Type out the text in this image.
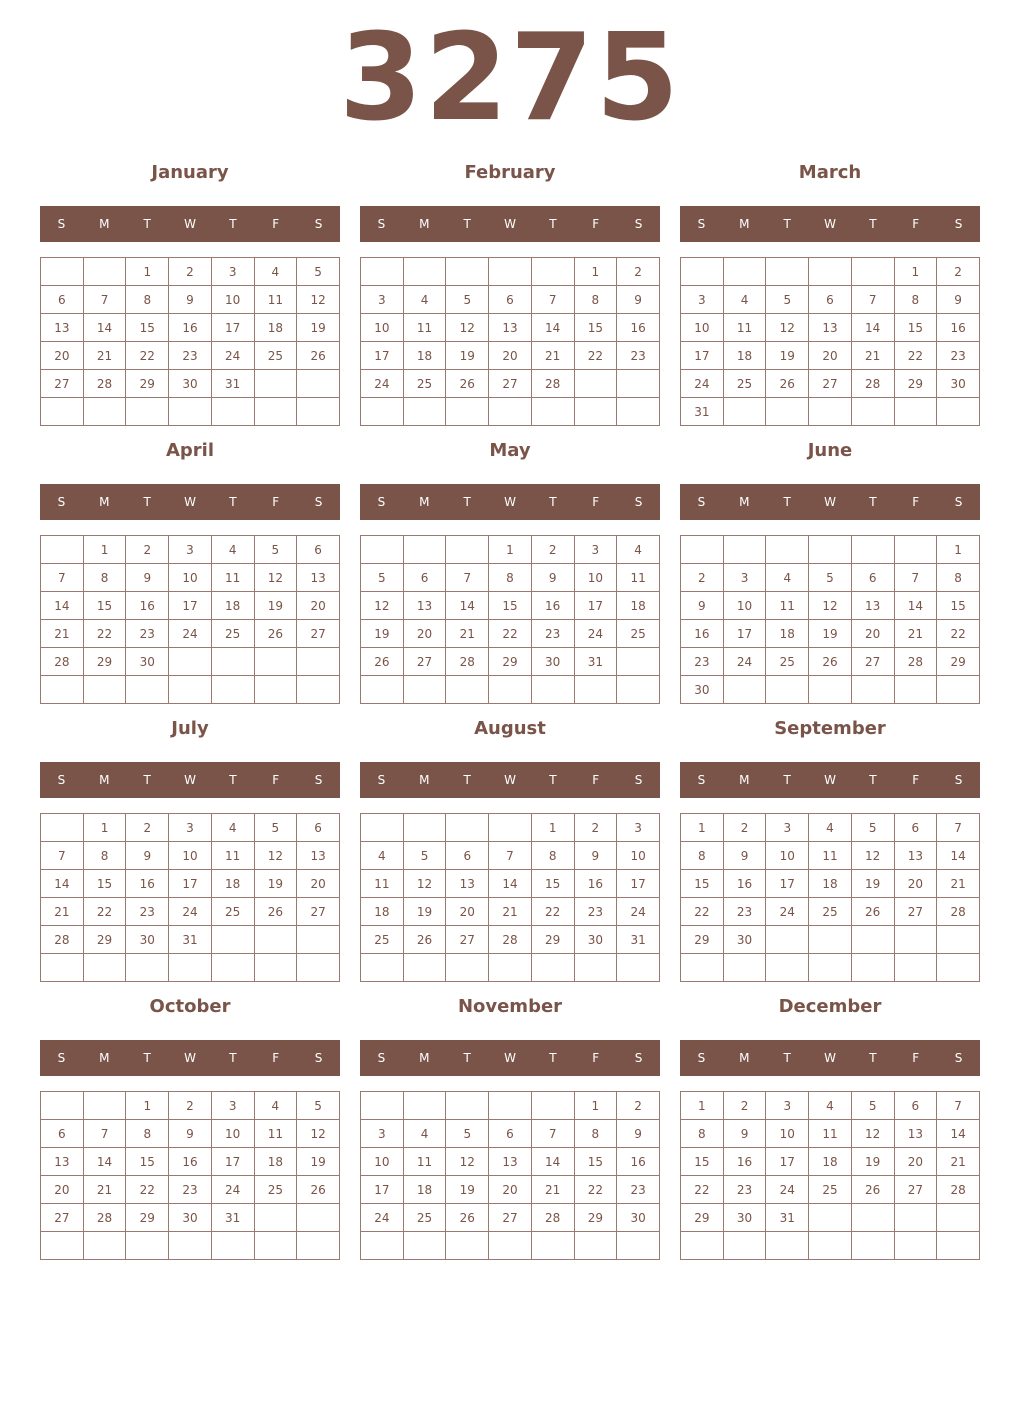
3275
January
S	M	T	W	T	F	S
		1	2	3	4	5
6	7	8	9	10	11	12
13	14	15	16	17	18	19
20	21	22	23	24	25	26
27	28	29	30	31		

February
S	M	T	W	T	F	S
					1	2
3	4	5	6	7	8	9
10	11	12	13	14	15	16
17	18	19	20	21	22	23
24	25	26	27	28		

March
S	M	T	W	T	F	S
					1	2
3	4	5	6	7	8	9
10	11	12	13	14	15	16
17	18	19	20	21	22	23
24	25	26	27	28	29	30
31						
April
S	M	T	W	T	F	S
	1	2	3	4	5	6
7	8	9	10	11	12	13
14	15	16	17	18	19	20
21	22	23	24	25	26	27
28	29	30				

May
S	M	T	W	T	F	S
			1	2	3	4
5	6	7	8	9	10	11
12	13	14	15	16	17	18
19	20	21	22	23	24	25
26	27	28	29	30	31	

June
S	M	T	W	T	F	S
						1
2	3	4	5	6	7	8
9	10	11	12	13	14	15
16	17	18	19	20	21	22
23	24	25	26	27	28	29
30						
July
S	M	T	W	T	F	S
	1	2	3	4	5	6
7	8	9	10	11	12	13
14	15	16	17	18	19	20
21	22	23	24	25	26	27
28	29	30	31			

August
S	M	T	W	T	F	S
				1	2	3
4	5	6	7	8	9	10
11	12	13	14	15	16	17
18	19	20	21	22	23	24
25	26	27	28	29	30	31

September
S	M	T	W	T	F	S
1	2	3	4	5	6	7
8	9	10	11	12	13	14
15	16	17	18	19	20	21
22	23	24	25	26	27	28
29	30					

October
S	M	T	W	T	F	S
		1	2	3	4	5
6	7	8	9	10	11	12
13	14	15	16	17	18	19
20	21	22	23	24	25	26
27	28	29	30	31		

November
S	M	T	W	T	F	S
					1	2
3	4	5	6	7	8	9
10	11	12	13	14	15	16
17	18	19	20	21	22	23
24	25	26	27	28	29	30

December
S	M	T	W	T	F	S
1	2	3	4	5	6	7
8	9	10	11	12	13	14
15	16	17	18	19	20	21
22	23	24	25	26	27	28
29	30	31				
